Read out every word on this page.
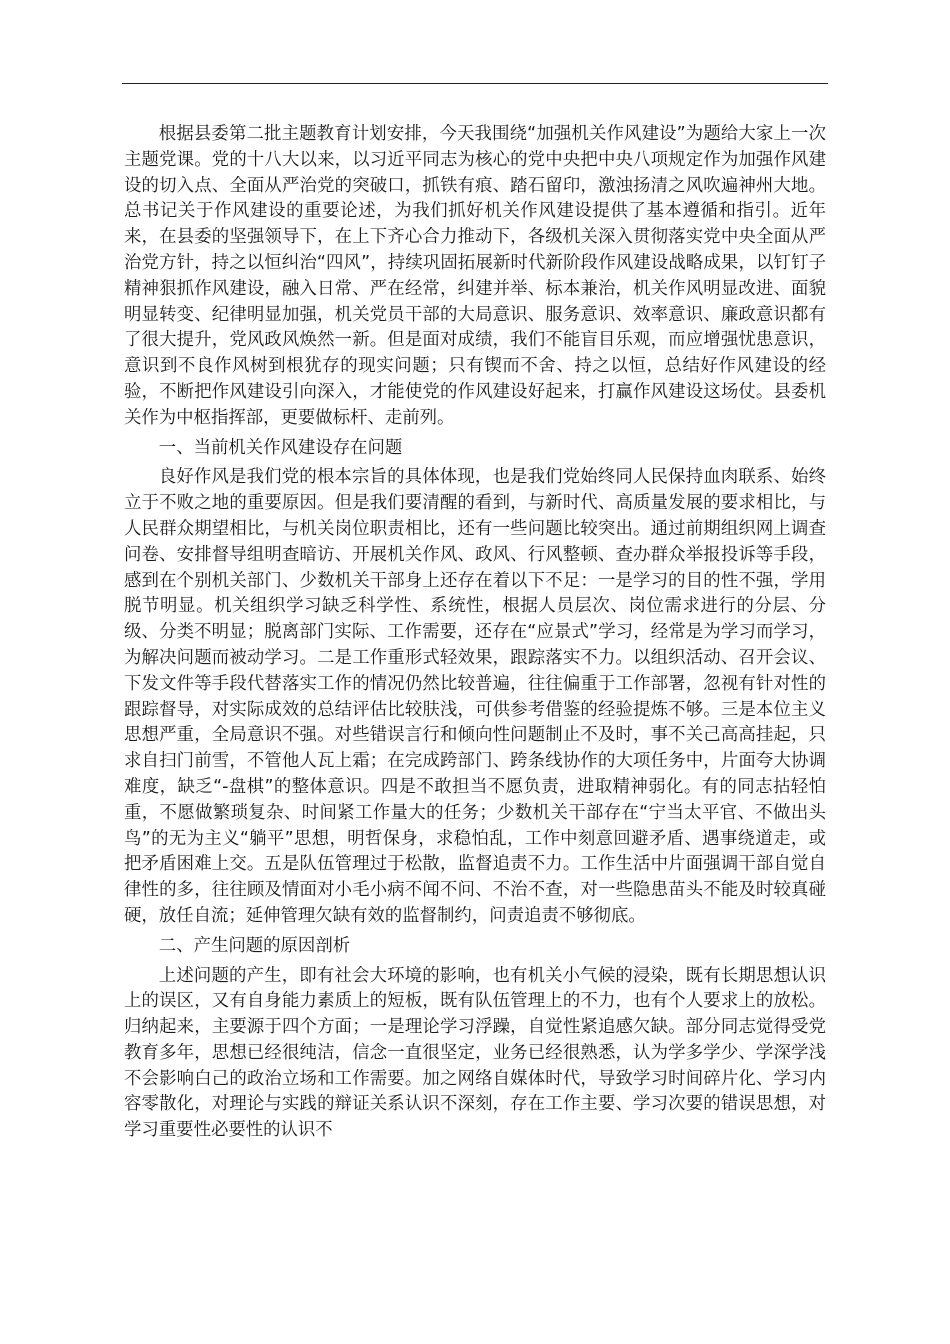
根据县委第二批主题教育计划安排，今天我围绕“加强机关作风建设”为题给大家上一次主题党课。党的十八大以来，以习近平同志为核心的党中央把中央八项规定作为加强作风建设的切入点、全面从严治党的突破口，抓铁有痕、踏石留印，激浊扬清之风吹遍神州大地。总书记关于作风建设的重要论述，为我们抓好机关作风建设提供了基本遵循和指引。近年来，在县委的坚强领导下，在上下齐心合力推动下，各级机关深入贯彻落实党中央全面从严治党方针，持之以恒纠治“四风”，持续巩固拓展新时代新阶段作风建设战略成果，以钉钉子精神狠抓作风建设，融入日常、严在经常，纠建并举、标本兼治，机关作风明显改进、面貌明显转变、纪律明显加强，机关党员干部的大局意识、服务意识、效率意识、廉政意识都有了很大提升，党风政风焕然一新。但是面对成绩，我们不能盲目乐观，而应增强忧患意识，意识到不良作风树到根犹存的现实问题；只有锲而不舍、持之以恒，总结好作风建设的经验，不断把作风建设引向深入，才能使党的作风建设好起来，打赢作风建设这场仗。县委机关作为中枢指挥部，更要做标杆、走前列。

一、当前机关作风建设存在问题

良好作风是我们党的根本宗旨的具体体现，也是我们党始终同人民保持血肉联系、始终立于不败之地的重要原因。但是我们要清醒的看到，与新时代、高质量发展的要求相比，与人民群众期望相比，与机关岗位职责相比，还有一些问题比较突出。通过前期组织网上调查问卷、安排督导组明查暗访、开展机关作风、政风、行风整顿、查办群众举报投诉等手段，感到在个别机关部门、少数机关干部身上还存在着以下不足：一是学习的目的性不强，学用脱节明显。机关组织学习缺乏科学性、系统性，根据人员层次、岗位需求进行的分层、分级、分类不明显；脱离部门实际、工作需要，还存在“应景式”学习，经常是为学习而学习，为解决问题而被动学习。二是工作重形式轻效果，跟踪落实不力。以组织活动、召开会议、下发文件等手段代替落实工作的情况仍然比较普遍，往往偏重于工作部署，忽视有针对性的跟踪督导，对实际成效的总结评估比较肤浅，可供参考借鉴的经验提炼不够。三是本位主义思想严重，全局意识不强。对些错误言行和倾向性问题制止不及时，事不关己高高挂起，只求自扫门前雪，不管他人瓦上霜；在完成跨部门、跨条线协作的大项任务中，片面夸大协调难度，缺乏“-盘棋”的整体意识。四是不敢担当不愿负责，进取精神弱化。有的同志拈轻怕重，不愿做繁琐复杂、时间紧工作量大的任务；少数机关干部存在“宁当太平官、不做出头鸟”的无为主义“躺平”思想，明哲保身，求稳怕乱，工作中刻意回避矛盾、遇事绕道走，或把矛盾困难上交。五是队伍管理过于松散，监督追责不力。工作生活中片面强调干部自觉自律性的多，往往顾及情面对小毛小病不闻不问、不治不查，对一些隐患苗头不能及时较真碰硬，放任自流；延伸管理欠缺有效的监督制约，问责追责不够彻底。

二、产生问题的原因剖析

上述问题的产生，即有社会大环境的影响，也有机关小气候的浸染，既有长期思想认识上的误区，又有自身能力素质上的短板，既有队伍管理上的不力，也有个人要求上的放松。归纳起来，主要源于四个方面；一是理论学习浮躁，自觉性紧追感欠缺。部分同志觉得受党教育多年，思想已经很纯洁，信念一直很坚定，业务已经很熟悉，认为学多学少、学深学浅不会影响白己的政治立场和工作需要。加之网络自媒体时代，导致学习时间碎片化、学习内容零散化，对理论与实践的辩证关系认识不深刻，存在工作主要、学习次要的错误思想，对学习重要性必要性的认识不
